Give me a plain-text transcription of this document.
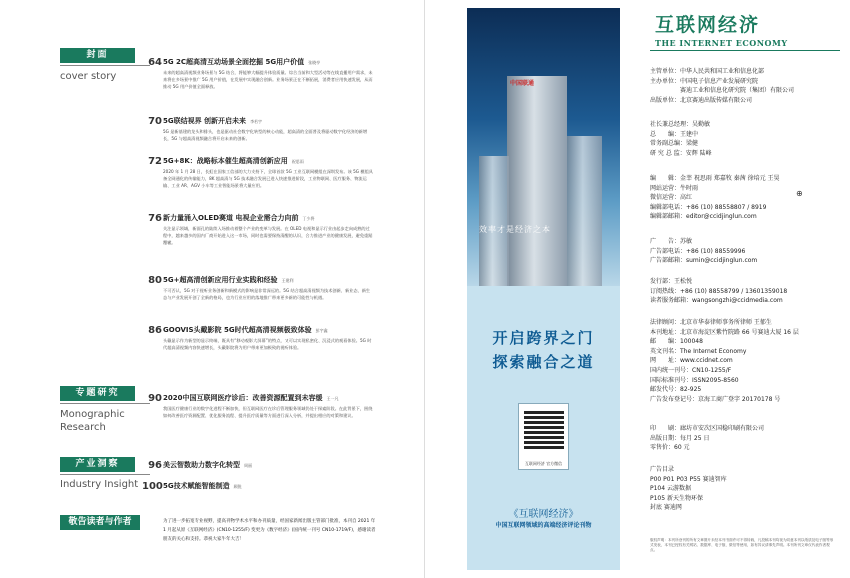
封面
cover story
专题研究
Monographic
Research
产业洞察
Industry Insight
敬告读者与作者	为了进一步拓宽专业视野，提高刊物学术水平和办刊质量，经国家新闻出版主管部门批准，本刊自 2021 年 1 月起从原《互联网经济》(CN10-1255/F) 变更为《数字经济》(国内统一刊号 CN10-1719/F)，感谢读者朋友的关心和支持。恭祝大家牛年大吉！
64 5G 2C超高清互动场景全面挖掘 5G用户价值 张晓亭
未来的超高清视频业务场景与 5G 结合，将能够大幅提升体验质量。综合当前和大型活动等在线直播用户需求，未来将在多场景中推广 5G 用户价值，在发展中实现融合创新。业务场景正在不断拓展，消费者应用快速发展，从而推动 5G 用户价值全面释放。
70 5G联结视界 创新开启未来 李若宇
5G 是新基建的龙头和排头，也是驱动社会数字化转型的核心动能，超高清的全面普及将驱动数字化经济的新增长，5G 与超高清视频融合将开启未来的创新。
72 5G+8K：战略标本催生超高清创新应用 祝思雨
2020 年 1 月 28 日，长虹在国家工信部的大力支持下，全球首款 5G 工业互联网模组在深圳发布。该 5G 模组具备全网通化的传输能力，8K 超高清与 5G 技术融合发展已进入快速推进阶段，工业物联网、医疗服务、物流运输、工业 AR、AGV 小车等工业智能场景将大量应用。
76 新力量涌入OLED赛道 电视企业需合力向前 丁少将
关注显示领域，新面孔的陆续入场推动着整个产业的变革与发展。在 OLED 电视和显示行业由起步走向成熟的过程中，越来越多的国内厂商开始进入这一市场，同时也需要保持清醒的认识，合力推进产业的健康发展，避免重蹈覆辙。
80 5G+超高清创新应用行业实践和经验 王建利
不可否认，5G 对于视听业务创新和新模式的影响是非常深远的。5G 结合超高清视频为技术创新、新业态、新生态与产业发展开创了全新的格局，也为行业应用的落地推广带来更多新的可能性与机遇。
86 GOOVIS头戴影院 5G时代超高清视频极致体验 彭宇鑫
头戴显示作为新型的显示终端，既具有“移动观影大屏幕”的特点，又可以实现私密化、沉浸式的观看体验。5G 时代超高清视频内容快速增长，头戴影院将为用户带来更加极致的视听体验。
90 2020中国互联网医疗诊后：改善资源配置到未容缓 王一凡
我国医疗健康行业的数字化进程不断加快，但互联网医疗在诊后管理服务领域仍处于探索阶段。在此背景下，围绕如何改善医疗资源配置、优化服务流程、提升医疗质量等方面进行深入分析，并提出相应的对策和建议。
96 美云智数助力数字化转型 周丽
100 5G技术赋能智能制造 顾锐
中国联通
效率才是经济之本
开启跨界之门
探索融合之道
互联网经济 官方微信
《互联网经济》
中国互联网领域的高端经济评论刊物
互联网经济
THE INTERNET ECONOMY
主管单位：中华人民共和国工业和信息化部
主办单位：中国电子信息产业发展研究院
　　　　　赛迪工业和信息化研究院（集团）有限公司
出版单位：北京赛迪出版传媒有限公司
社长兼总经理：吴勤敏
总　　编：王建中
常务副总编：梁健
研 究 总 监：安辉 陆峰
编　　辑：金莘 祝思雨 郑嘉牧 秦茜 徐培元 王昊
网站运营：牛时雨
微信运营：高红
编辑部电话：+86 (10) 88558807 / 8919
编辑部邮箱：editor@ccidjinglun.com
广　　告：苏敏
广告部电话：+86 (10) 88559996
广告部邮箱：sumin@ccidjinglun.com
发行部：王松悦
订阅热线：+86 (10) 88558799 / 13601359018
读者服务邮箱：wangsongzhi@ccidmedia.com
法律顾问：北京市华泰律师事务所律师 王郁生
本刊地址：北京市海淀区紫竹院路 66 号赛迪大厦 16 层
邮　　编：100048
英文刊名：The Internet Economy
网　　址：www.ccidnet.com
国内统一刊号：CN10-1255/F
国际标准刊号：ISSN2095-8560
邮发代号：82-925
广告发布登记号：京海工商广登字 20170178 号
印　　刷：廊坊市安次区国稳印刷有限公司
出版日期：每月 25 日
零售价：60 元
广告目录
P00 P01 P03 P55 赛迪智库
P104 云游数据
P105 新天生物环保
封底 赛迪网
⊕
版权声明：本刊所登刊的所有文章图片未经本刊书面许可不得转载，凡投稿本刊均视为同意本刊以纸质及电子版等形式发表，本刊已授权有关网站、数据库、电子版、微信等使用，如有异议请事先声明。本刊所刊文章仅代表作者观点。
